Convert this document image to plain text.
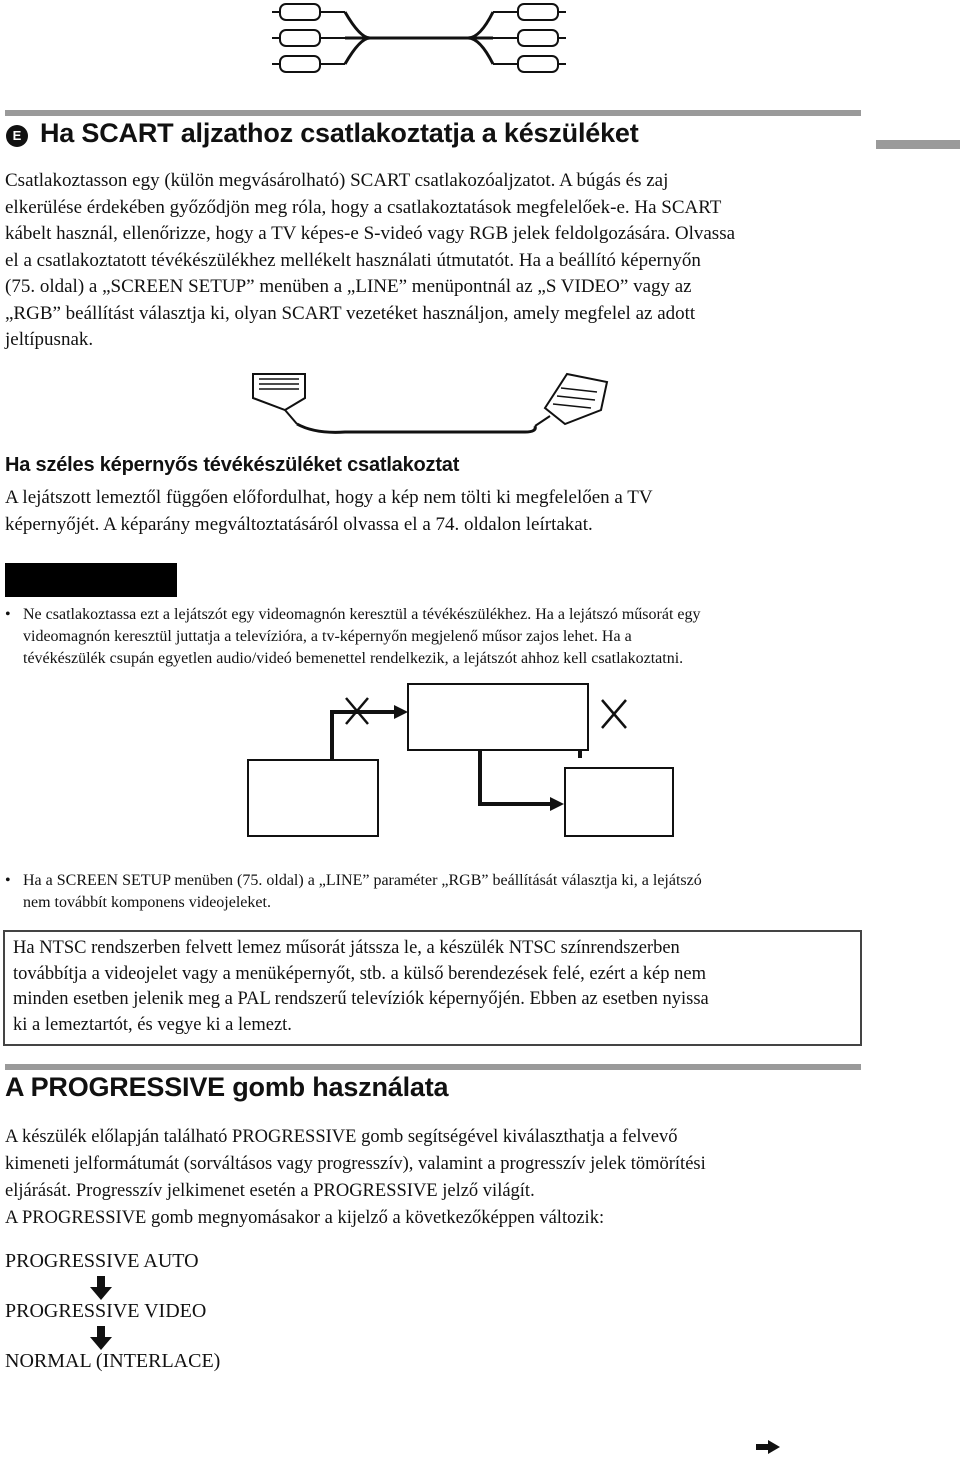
E Ha SCART aljzathoz csatlakoztatja a készüléket

Csatlakoztasson egy (külön megvásárolható) SCART csatlakozóaljzatot. A búgás és zaj
elkerülése érdekében győződjön meg róla, hogy a csatlakoztatások megfelelőek-e. Ha SCART
kábelt használ, ellenőrizze, hogy a TV képes-e S-videó vagy RGB jelek feldolgozására. Olvassa
el a csatlakoztatott tévékészülékhez mellékelt használati útmutatót. Ha a beállító képernyőn
(75. oldal) a „SCREEN SETUP” menüben a „LINE” menüpontnál az „S VIDEO” vagy az
„RGB” beállítást választja ki, olyan SCART vezetéket használjon, amely megfelel az adott
jeltípusnak.

Ha széles képernyős tévékészüléket csatlakoztat

A lejátszott lemeztől függően előfordulhat, hogy a kép nem tölti ki megfelelően a TV
képernyőjét. A képarány megváltoztatásáról olvassa el a 74. oldalon leírtakat.

• Ne csatlakoztassa ezt a lejátszót egy videomagnón keresztül a tévékészülékhez. Ha a lejátszó műsorát egy
videomagnón keresztül juttatja a televízióra, a tv-képernyőn megjelenő műsor zajos lehet. Ha a
tévékészülék csupán egyetlen audio/videó bemenettel rendelkezik, a lejátszót ahhoz kell csatlakoztatni.
• Ha a SCREEN SETUP menüben (75. oldal) a „LINE” paraméter „RGB” beállítását választja ki, a lejátszó
nem továbbít komponens videojeleket.

Ha NTSC rendszerben felvett lemez műsorát játssza le, a készülék NTSC színrendszerben
továbbítja a videojelet vagy a menüképernyőt, stb. a külső berendezések felé, ezért a kép nem
minden esetben jelenik meg a PAL rendszerű televíziók képernyőjén. Ebben az esetben nyissa
ki a lemeztartót, és vegye ki a lemezt.

A PROGRESSIVE gomb használata

A készülék előlapján található PROGRESSIVE gomb segítségével kiválaszthatja a felvevő
kimeneti jelformátumát (sorváltásos vagy progresszív), valamint a progresszív jelek tömörítési
eljárását. Progresszív jelkimenet esetén a PROGRESSIVE jelző világít.
A PROGRESSIVE gomb megnyomásakor a kijelző a következőképpen változik:

PROGRESSIVE AUTO
PROGRESSIVE VIDEO
NORMAL (INTERLACE)
